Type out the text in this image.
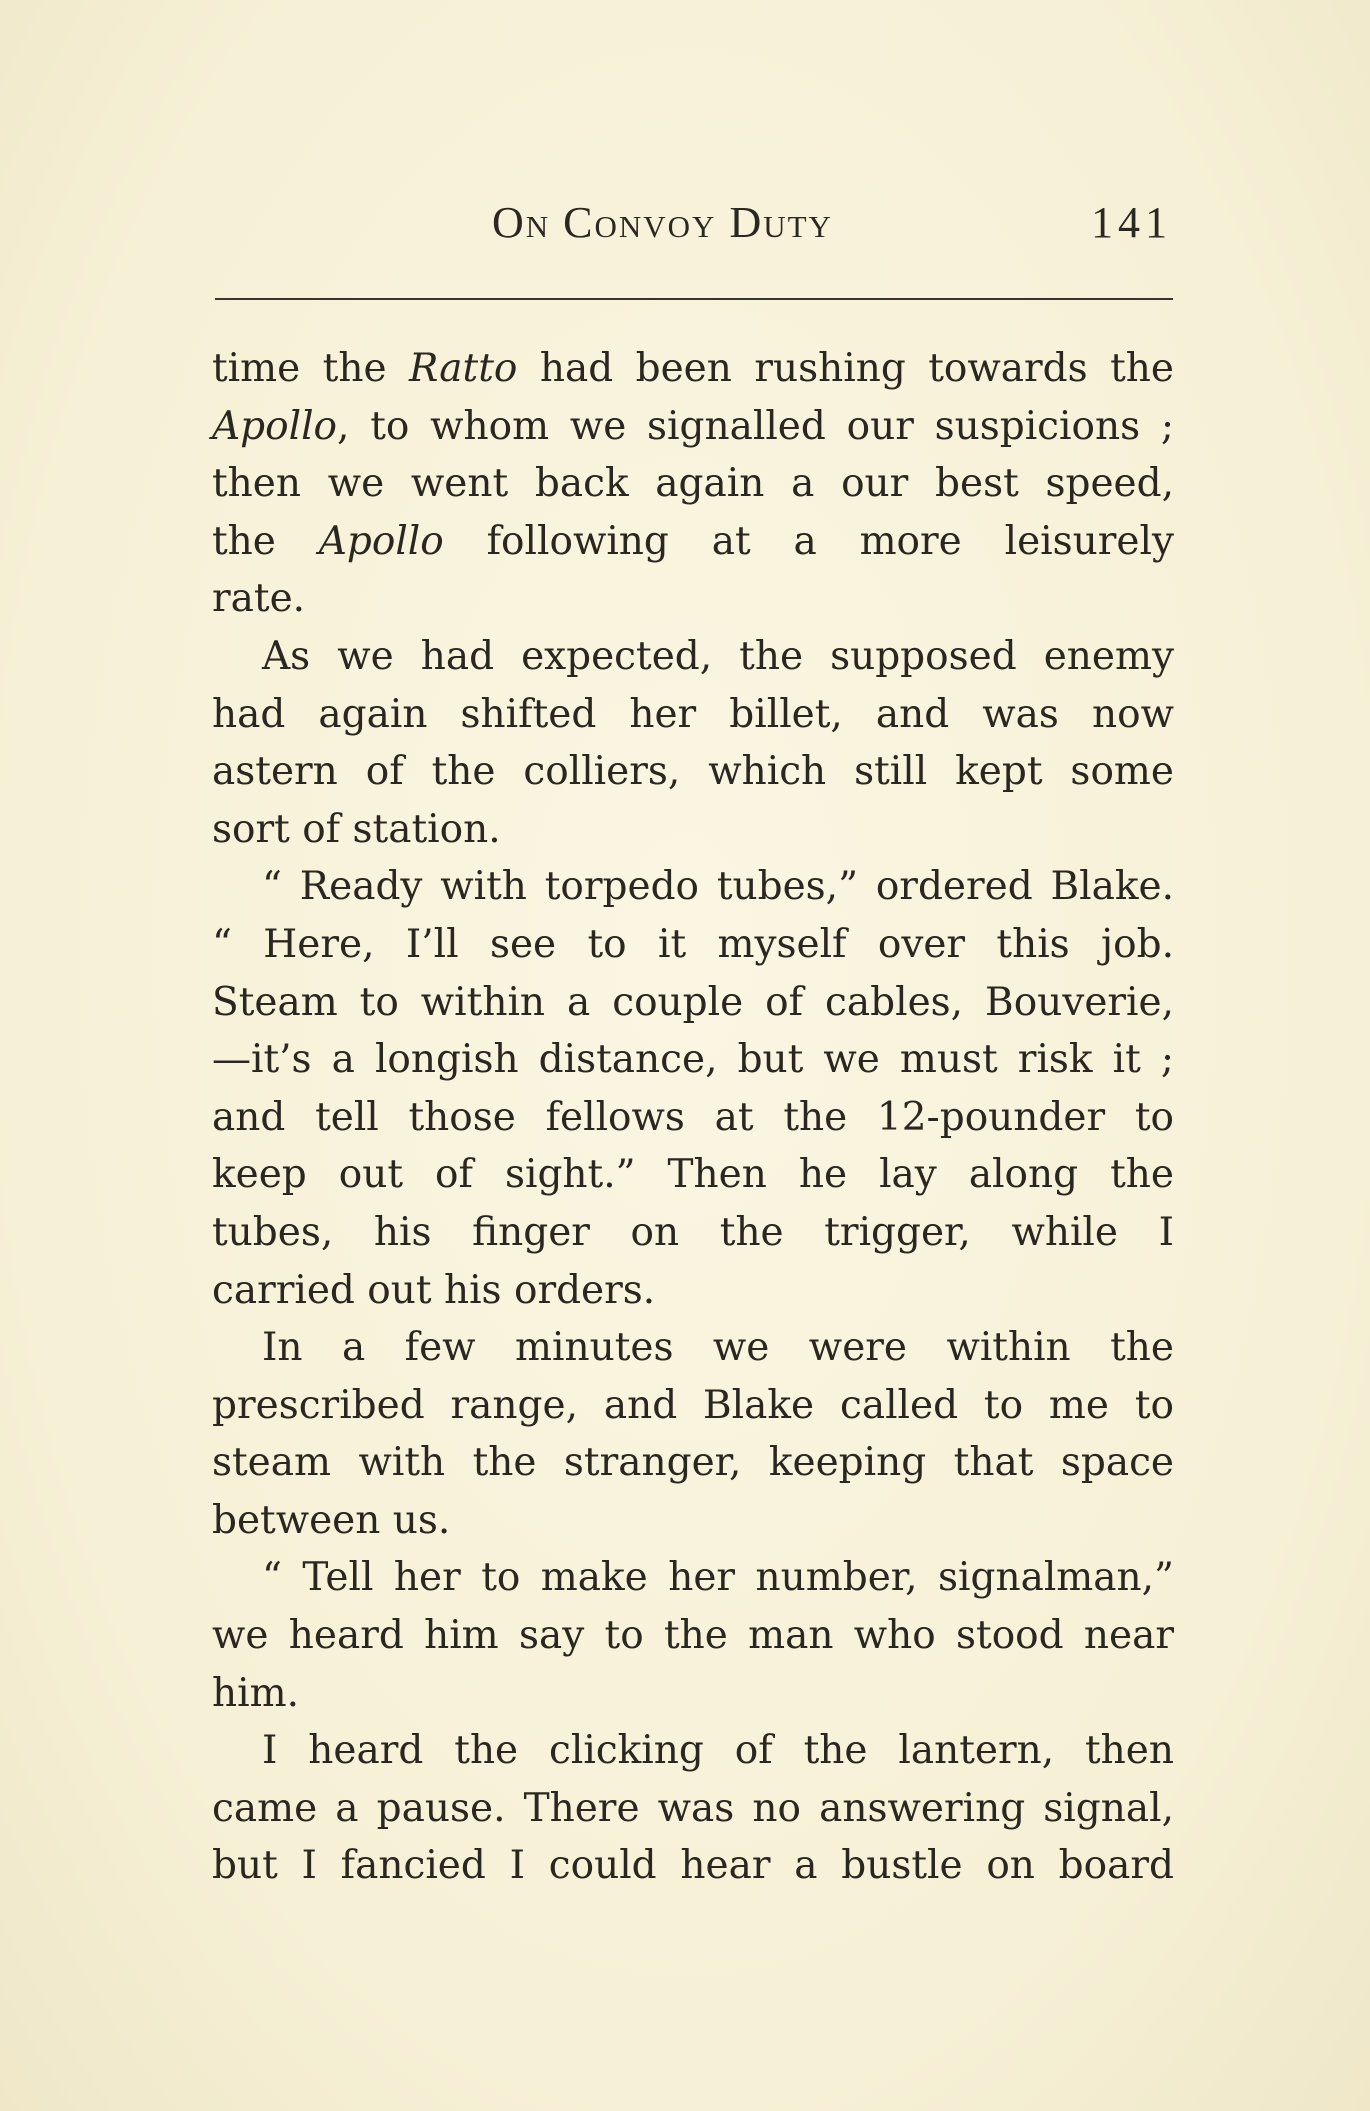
On Convoy Duty	141
time the Ratto had been rushing towards the
Apollo, to whom we signalled our suspicions ;
then we went back again a our best speed,
the Apollo following at a more leisurely
rate.
As we had expected, the supposed enemy
had again shifted her billet, and was now
astern of the colliers, which still kept some
sort of station.
“ Ready with torpedo tubes,” ordered Blake.
“ Here, I’ll see to it myself over this job.
Steam to within a couple of cables, Bouverie,
—it’s a longish distance, but we must risk it ;
and tell those fellows at the 12-pounder to
keep out of sight.” Then he lay along the
tubes, his finger on the trigger, while I
carried out his orders.
In a few minutes we were within the
prescribed range, and Blake called to me to
steam with the stranger, keeping that space
between us.
“ Tell her to make her number, signalman,”
we heard him say to the man who stood near
him.
I heard the clicking of the lantern, then
came a pause. There was no answering signal,
but I fancied I could hear a bustle on board
